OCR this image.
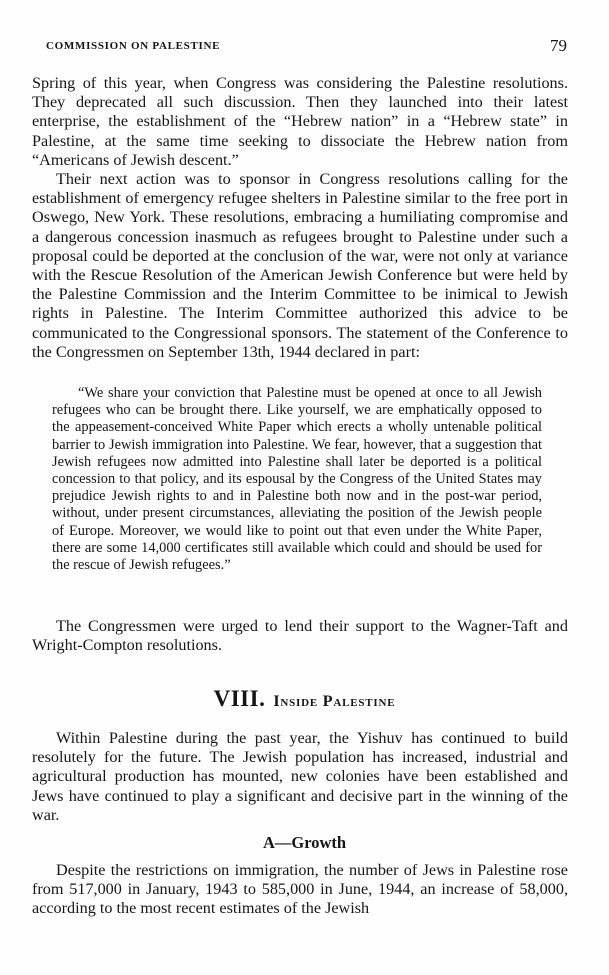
COMMISSION ON PALESTINE	79

Spring of this year, when Congress was considering the Palestine resolutions. They deprecated all such discussion. Then they launched into their latest enterprise, the establishment of the “Hebrew nation” in a “Hebrew state” in Palestine, at the same time seeking to dissociate the Hebrew nation from “Americans of Jewish descent.”

Their next action was to sponsor in Congress resolutions calling for the establishment of emergency refugee shelters in Palestine similar to the free port in Oswego, New York. These resolutions, embracing a humiliating compromise and a dangerous concession inasmuch as refugees brought to Palestine under such a proposal could be deported at the conclusion of the war, were not only at variance with the Rescue Resolution of the American Jewish Conference but were held by the Palestine Commission and the Interim Committee to be inimical to Jewish rights in Palestine. The Interim Committee authorized this advice to be communicated to the Congressional sponsors. The statement of the Conference to the Congressmen on September 13th, 1944 declared in part:

“We share your conviction that Palestine must be opened at once to all Jewish refugees who can be brought there. Like yourself, we are emphatically opposed to the appeasement-conceived White Paper which erects a wholly untenable political barrier to Jewish immigration into Palestine. We fear, however, that a suggestion that Jewish refugees now admitted into Palestine shall later be deported is a political concession to that policy, and its espousal by the Congress of the United States may prejudice Jewish rights to and in Palestine both now and in the post-war period, without, under present circumstances, alleviating the position of the Jewish people of Europe. Moreover, we would like to point out that even under the White Paper, there are some 14,000 certificates still available which could and should be used for the rescue of Jewish refugees.”

The Congressmen were urged to lend their support to the Wagner-Taft and Wright-Compton resolutions.

VIII. Inside Palestine

Within Palestine during the past year, the Yishuv has continued to build resolutely for the future. The Jewish population has increased, industrial and agricultural production has mounted, new colonies have been established and Jews have continued to play a significant and decisive part in the winning of the war.

A—Growth

Despite the restrictions on immigration, the number of Jews in Palestine rose from 517,000 in January, 1943 to 585,000 in June, 1944, an increase of 58,000, according to the most recent estimates of the Jewish
